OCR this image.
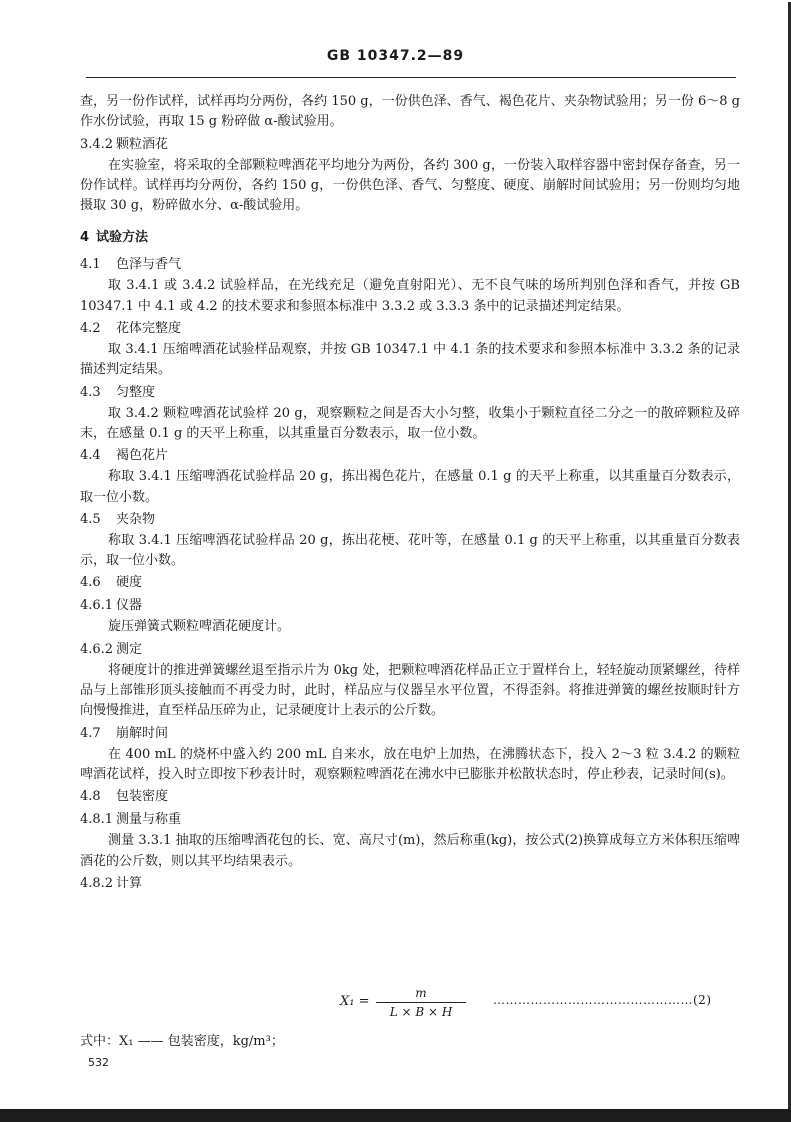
GB 10347.2—89

查，另一份作试样，试样再均分两份，各约 150 g，一份供色泽、香气、褐色花片、夹杂物试验用；另一份 6～8 g 作水份试验，再取 15 g 粉碎做 α-酸试验用。

3.4.2 颗粒酒花

在实验室，将采取的全部颗粒啤酒花平均地分为两份，各约 300 g，一份装入取样容器中密封保存备查，另一份作试样。试样再均分两份，各约 150 g，一份供色泽、香气、匀整度、硬度、崩解时间试验用；另一份则均匀地摄取 30 g，粉碎做水分、α-酸试验用。

4 试验方法
4.1 色泽与香气

取 3.4.1 或 3.4.2 试验样品，在光线充足（避免直射阳光）、无不良气味的场所判别色泽和香气，并按 GB 10347.1 中 4.1 或 4.2 的技术要求和参照本标准中 3.3.2 或 3.3.3 条中的记录描述判定结果。

4.2 花体完整度

取 3.4.1 压缩啤酒花试验样品观察，并按 GB 10347.1 中 4.1 条的技术要求和参照本标准中 3.3.2 条的记录描述判定结果。

4.3 匀整度

取 3.4.2 颗粒啤酒花试验样 20 g，观察颗粒之间是否大小匀整，收集小于颗粒直径二分之一的散碎颗粒及碎末，在感量 0.1 g 的天平上称重，以其重量百分数表示，取一位小数。

4.4 褐色花片

称取 3.4.1 压缩啤酒花试验样品 20 g，拣出褐色花片，在感量 0.1 g 的天平上称重，以其重量百分数表示，取一位小数。

4.5 夹杂物

称取 3.4.1 压缩啤酒花试验样品 20 g，拣出花梗、花叶等，在感量 0.1 g 的天平上称重，以其重量百分数表示，取一位小数。

4.6 硬度
4.6.1 仪器

旋压弹簧式颗粒啤酒花硬度计。

4.6.2 测定

将硬度计的推进弹簧螺丝退至指示片为 0kg 处，把颗粒啤酒花样品正立于置样台上，轻轻旋动顶紧螺丝，待样品与上部锥形顶头接触而不再受力时，此时，样品应与仪器呈水平位置，不得歪斜。将推进弹簧的螺丝按顺时针方向慢慢推进，直至样品压碎为止，记录硬度计上表示的公斤数。

4.7 崩解时间

在 400 mL 的烧杯中盛入约 200 mL 自来水，放在电炉上加热，在沸腾状态下，投入 2～3 粒 3.4.2 的颗粒啤酒花试样，投入时立即按下秒表计时，观察颗粒啤酒花在沸水中已膨胀并松散状态时，停止秒表，记录时间(s)。

4.8 包装密度
4.8.1 测量与称重

测量 3.3.1 抽取的压缩啤酒花包的长、宽、高尺寸(m)，然后称重(kg)，按公式(2)换算成每立方米体积压缩啤酒花的公斤数，则以其平均结果表示。

4.8.2 计算
X₁ =
m
L × B × H
…………………………………………(2)
式中：X₁ —— 包装密度，kg/m³；
532
